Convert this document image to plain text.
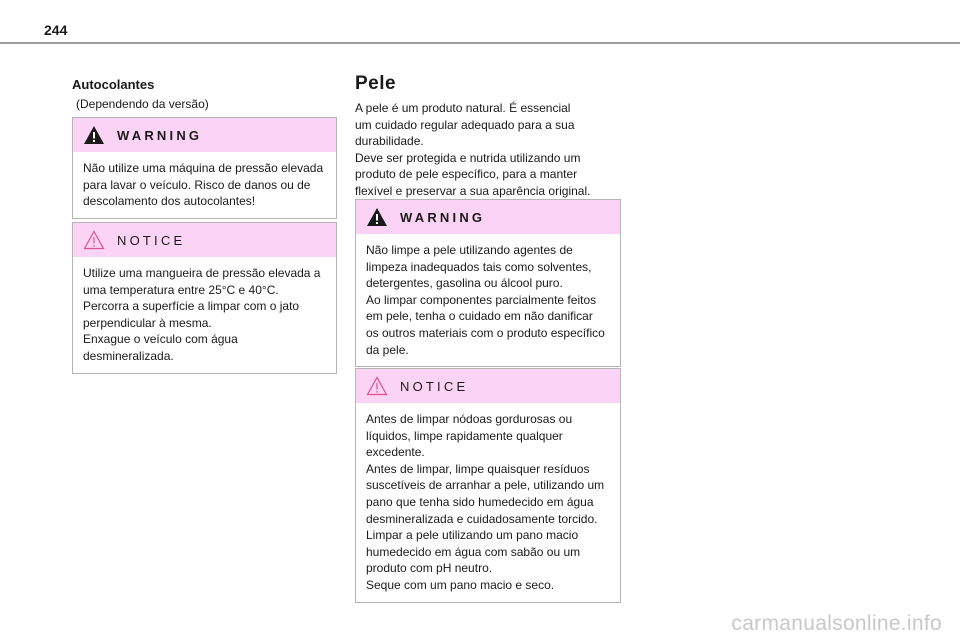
244
Autocolantes
(Dependendo da versão)
WARNING

Não utilize uma máquina de pressão elevada

para lavar o veículo. Risco de danos ou de

descolamento dos autocolantes!

NOTICE

Utilize uma mangueira de pressão elevada a

uma temperatura entre 25°C e 40°C.

Percorra a superfície a limpar com o jato

perpendicular à mesma.

Enxague o veículo com água

desmineralizada.

Pele

A pele é um produto natural. É essencial

um cuidado regular adequado para a sua

durabilidade.

Deve ser protegida e nutrida utilizando um

produto de pele específico, para a manter

flexível e preservar a sua aparência original.

WARNING

Não limpe a pele utilizando agentes de

limpeza inadequados tais como solventes,

detergentes, gasolina ou álcool puro.

Ao limpar componentes parcialmente feitos

em pele, tenha o cuidado em não danificar

os outros materiais com o produto específico

da pele.

NOTICE

Antes de limpar nódoas gordurosas ou

líquidos, limpe rapidamente qualquer

excedente.

Antes de limpar, limpe quaisquer resíduos

suscetíveis de arranhar a pele, utilizando um

pano que tenha sido humedecido em água

desmineralizada e cuidadosamente torcido.

Limpar a pele utilizando um pano macio

humedecido em água com sabão ou um

produto com pH neutro.

Seque com um pano macio e seco.

carmanualsonline.info
